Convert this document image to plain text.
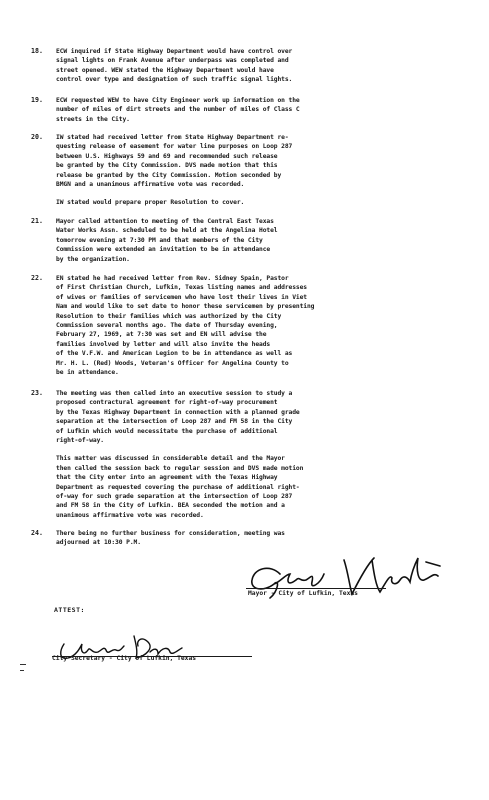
18. ECW inquired if State Highway Department would have control over
signal lights on Frank Avenue after underpass was completed and
street opened. WEW stated the Highway Department would have
control over type and designation of such traffic signal lights.

19. ECW requested WEW to have City Engineer work up information on the
number of miles of dirt streets and the number of miles of Class C
streets in the City.

20. IW stated had received letter from State Highway Department re-
questing release of easement for water line purposes on Loop 287
between U.S. Highways 59 and 69 and recommended such release
be granted by the City Commission. DVS made motion that this
release be granted by the City Commission. Motion seconded by
BMGN and a unanimous affirmative vote was recorded.

IW stated would prepare proper Resolution to cover.

21. Mayor called attention to meeting of the Central East Texas
Water Works Assn. scheduled to be held at the Angelina Hotel
tomorrow evening at 7:30 PM and that members of the City
Commission were extended an invitation to be in attendance
by the organization.

22. EN stated he had received letter from Rev. Sidney Spain, Pastor
of First Christian Church, Lufkin, Texas listing names and addresses
of wives or families of servicemen who have lost their lives in Viet
Nam and would like to set date to honor these servicemen by presenting
Resolution to their families which was authorized by the City
Commission several months ago. The date of Thursday evening,
February 27, 1969, at 7:30 was set and EN will advise the
families involved by letter and will also invite the heads
of the V.F.W. and American Legion to be in attendance as well as
Mr. H. L. (Red) Woods, Veteran's Officer for Angelina County to
be in attendance.

23. The meeting was then called into an executive session to study a
proposed contractural agreement for right-of-way procurement
by the Texas Highway Department in connection with a planned grade
separation at the intersection of Loop 287 and FM 58 in the City
of Lufkin which would necessitate the purchase of additional
right-of-way.

This matter was discussed in considerable detail and the Mayor
then called the session back to regular session and DVS made motion
that the City enter into an agreement with the Texas Highway
Department as requested covering the purchase of additional right-
of-way for such grade separation at the intersection of Loop 287
and FM 58 in the City of Lufkin. BEA seconded the motion and a
unanimous affirmative vote was recorded.

24. There being no further business for consideration, meeting was
adjourned at 10:30 P.M.

Mayor - City of Lufkin, Texas
ATTEST:
City Secretary - City of Lufkin, Texas
